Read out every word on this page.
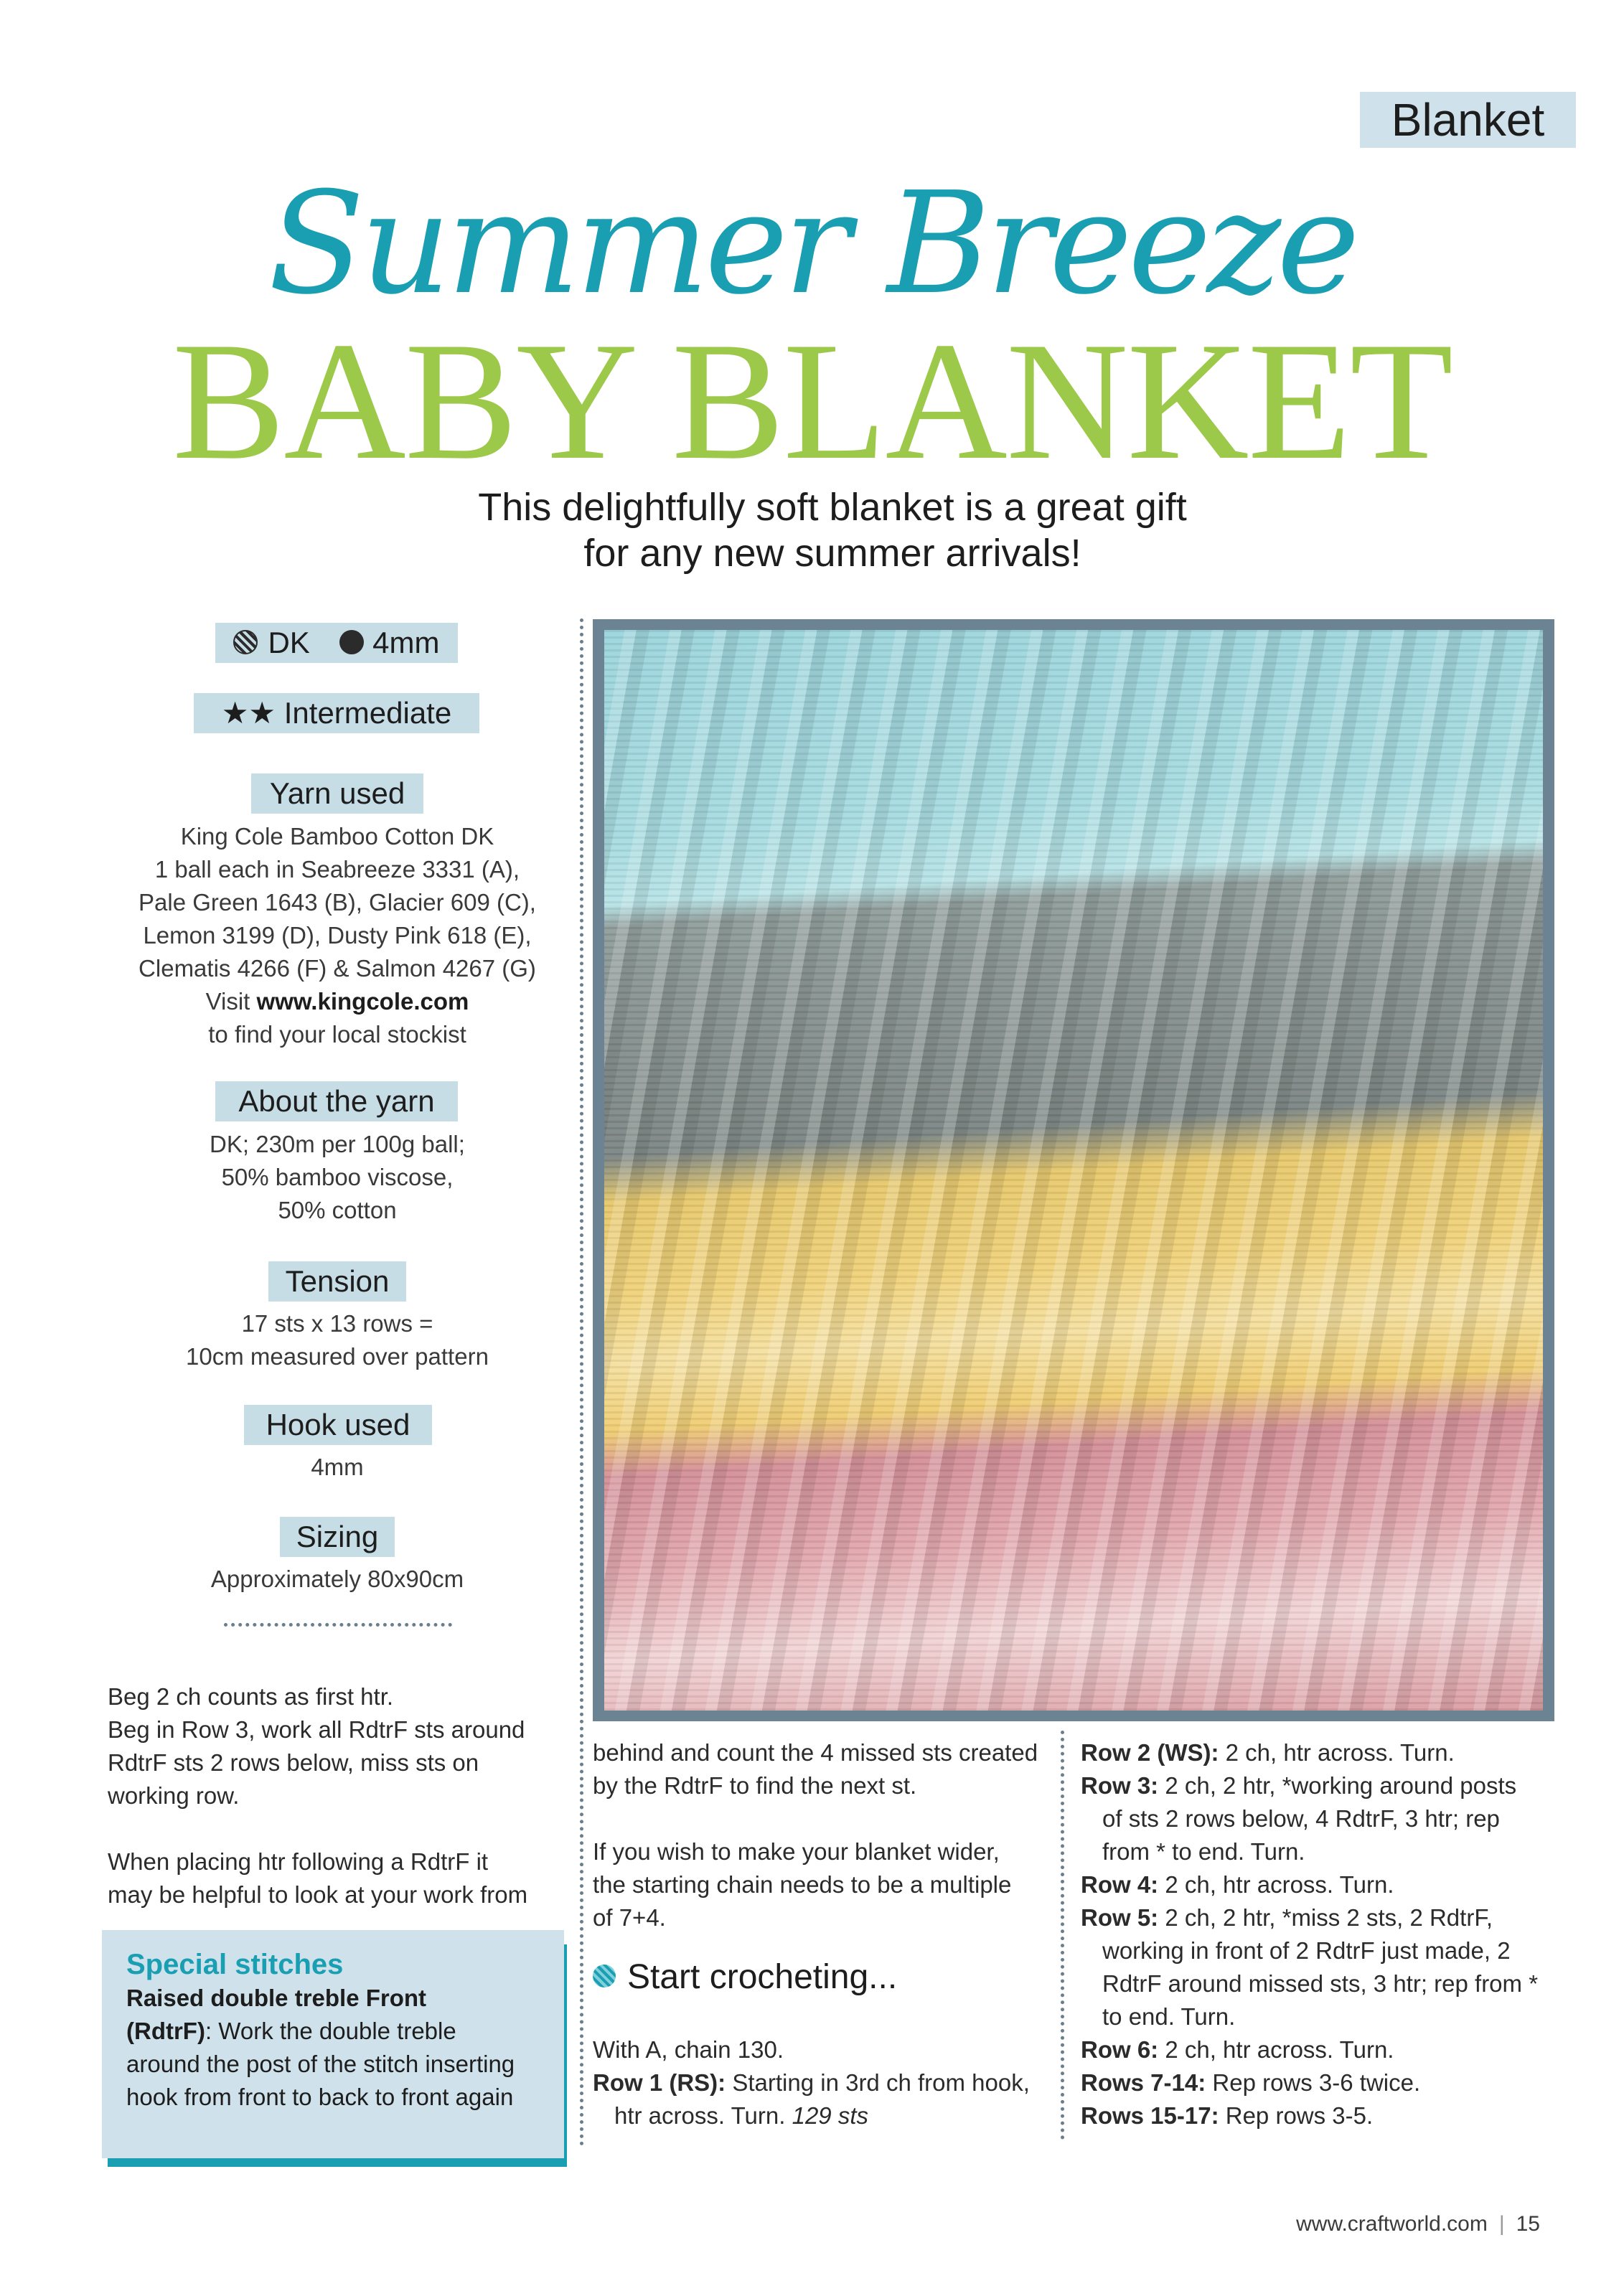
Blanket
Summer Breeze
BABY BLANKET
This delightfully soft blanket is a great gift
for any new summer arrivals!
DK 4mm
★★ Intermediate
Yarn used
King Cole Bamboo Cotton DK
1 ball each in Seabreeze 3331 (A),
Pale Green 1643 (B), Glacier 609 (C),
Lemon 3199 (D), Dusty Pink 618 (E),
Clematis 4266 (F) & Salmon 4267 (G)
Visit www.kingcole.com
to find your local stockist
About the yarn
DK; 230m per 100g ball;
50% bamboo viscose,
50% cotton
Tension
17 sts x 13 rows =
10cm measured over pattern
Hook used
4mm
Sizing
Approximately 80x90cm

Beg 2 ch counts as first htr.

Beg in Row 3, work all RdtrF sts around

RdtrF sts 2 rows below, miss sts on

working row.

When placing htr following a RdtrF it

may be helpful to look at your work from

Special stitches
Raised double treble Front
(RdtrF): Work the double treble
around the post of the stitch inserting
hook from front to back to front again

behind and count the 4 missed sts created

by the RdtrF to find the next st.

If you wish to make your blanket wider,

the starting chain needs to be a multiple

of 7+4.

Start crocheting...

With A, chain 130.

Row 1 (RS): Starting in 3rd ch from hook,

htr across. Turn. 129 sts

Row 2 (WS): 2 ch, htr across. Turn.

Row 3: 2 ch, 2 htr, *working around posts

of sts 2 rows below, 4 RdtrF, 3 htr; rep

from * to end. Turn.

Row 4: 2 ch, htr across. Turn.

Row 5: 2 ch, 2 htr, *miss 2 sts, 2 RdtrF,

working in front of 2 RdtrF just made, 2

RdtrF around missed sts, 3 htr; rep from *

to end. Turn.

Row 6: 2 ch, htr across. Turn.

Rows 7-14: Rep rows 3-6 twice.

Rows 15-17: Rep rows 3-5.

www.craftworld.com | 15
